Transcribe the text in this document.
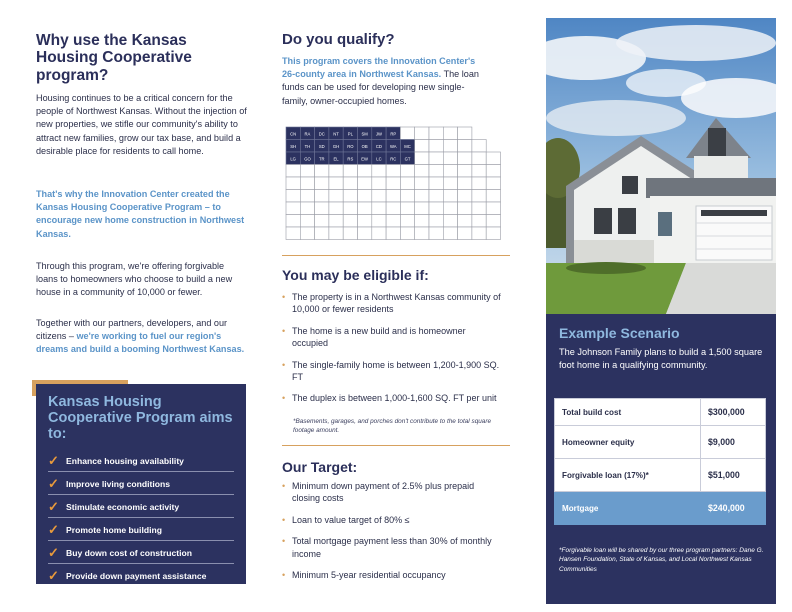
Why use the Kansas Housing Cooperative program?

Housing continues to be a critical concern for the people of Northwest Kansas. Without the injection of new properties, we stifle our community's ability to attract new families, grow our tax base, and build a desirable place for residents to call home.

That's why the Innovation Center created the Kansas Housing Cooperative Program – to encourage new home construction in Northwest Kansas.

Through this program, we're offering forgivable loans to homeowners who choose to build a new house in a community of 10,000 or fewer.

Together with our partners, developers, and our citizens – we're working to fuel our region's dreams and build a booming Northwest Kansas.

Kansas Housing Cooperative Program aims to:
✓ Enhance housing availability
✓ Improve living conditions
✓ Stimulate economic activity
✓ Promote home building
✓ Buy down cost of construction
✓ Provide down payment assistance
Do you qualify?

This program covers the Innovation Center's 26-county area in Northwest Kansas. The loan funds can be used for developing new single-family, owner-occupied homes.

CN RA DC NT PL SM JW RP
SH TH SD GH RO OB CD WA MC
LG GO TR EL RS EW LC RC GT
You may be eligible if:
• The property is in a Northwest Kansas community of 10,000 or fewer residents
• The home is a new build and is homeowner occupied
• The single-family home is between 1,200-1,900 SQ. FT
• The duplex is between 1,000-1,600 SQ. FT per unit
*Basements, garages, and porches don't contribute to the total square footage amount.
Our Target:
• Minimum down payment of 2.5% plus prepaid closing costs
• Loan to value target of 80% ≤
• Total mortgage payment less than 30% of monthly income
• Minimum 5-year residential occupancy
Example Scenario
The Johnson Family plans to build a 1,500 square foot home in a qualifying community.
Total build cost	$300,000
Homeowner equity	$9,000
Forgivable loan (17%)*	$51,000
Mortgage	$240,000
*Forgivable loan will be shared by our three program partners: Dane G. Hansen Foundation, State of Kansas, and Local Northwest Kansas Communities
